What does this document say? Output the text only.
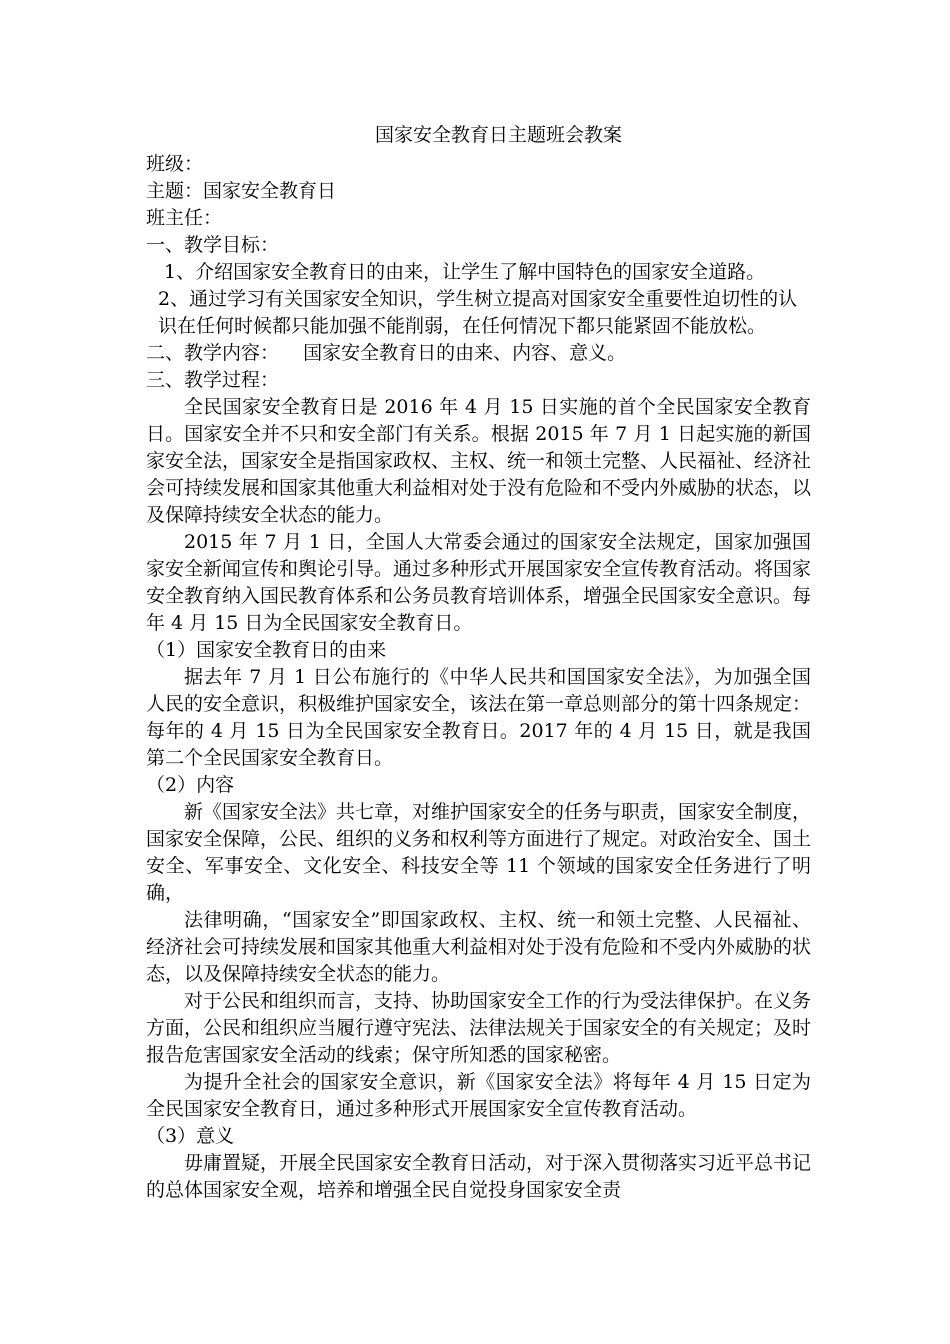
国家安全教育日主题班会教案
班级：
主题：国家安全教育日
班主任：
一、教学目标：
1、介绍国家安全教育日的由来，让学生了解中国特色的国家安全道路。
2、通过学习有关国家安全知识，学生树立提高对国家安全重要性迫切性的认识在任何时候都只能加强不能削弱，在任何情况下都只能紧固不能放松。
二、教学内容：    国家安全教育日的由来、内容、意义。
三、教学过程：
全民国家安全教育日是 2016 年 4 月 15 日实施的首个全民国家安全教育日。国家安全并不只和安全部门有关系。根据 2015 年 7 月 1 日起实施的新国家安全法，国家安全是指国家政权、主权、统一和领土完整、人民福祉、经济社会可持续发展和国家其他重大利益相对处于没有危险和不受内外威胁的状态，以及保障持续安全状态的能力。
2015 年 7 月 1 日，全国人大常委会通过的国家安全法规定，国家加强国家安全新闻宣传和舆论引导。通过多种形式开展国家安全宣传教育活动。将国家安全教育纳入国民教育体系和公务员教育培训体系，增强全民国家安全意识。每年 4 月 15 日为全民国家安全教育日。
（1）国家安全教育日的由来
据去年 7 月 1 日公布施行的《中华人民共和国国家安全法》，为加强全国人民的安全意识，积极维护国家安全，该法在第一章总则部分的第十四条规定：每年的 4 月 15 日为全民国家安全教育日。2017 年的 4 月 15 日，就是我国第二个全民国家安全教育日。
（2）内容
新《国家安全法》共七章，对维护国家安全的任务与职责，国家安全制度，国家安全保障，公民、组织的义务和权利等方面进行了规定。对政治安全、国土安全、军事安全、文化安全、科技安全等 11 个领域的国家安全任务进行了明确，
法律明确，“国家安全”即国家政权、主权、统一和领土完整、人民福祉、经济社会可持续发展和国家其他重大利益相对处于没有危险和不受内外威胁的状态，以及保障持续安全状态的能力。
对于公民和组织而言，支持、协助国家安全工作的行为受法律保护。在义务方面，公民和组织应当履行遵守宪法、法律法规关于国家安全的有关规定；及时报告危害国家安全活动的线索；保守所知悉的国家秘密。
为提升全社会的国家安全意识，新《国家安全法》将每年 4 月 15 日定为全民国家安全教育日，通过多种形式开展国家安全宣传教育活动。
（3）意义
毋庸置疑，开展全民国家安全教育日活动，对于深入贯彻落实习近平总书记的总体国家安全观，培养和增强全民自觉投身国家安全责
